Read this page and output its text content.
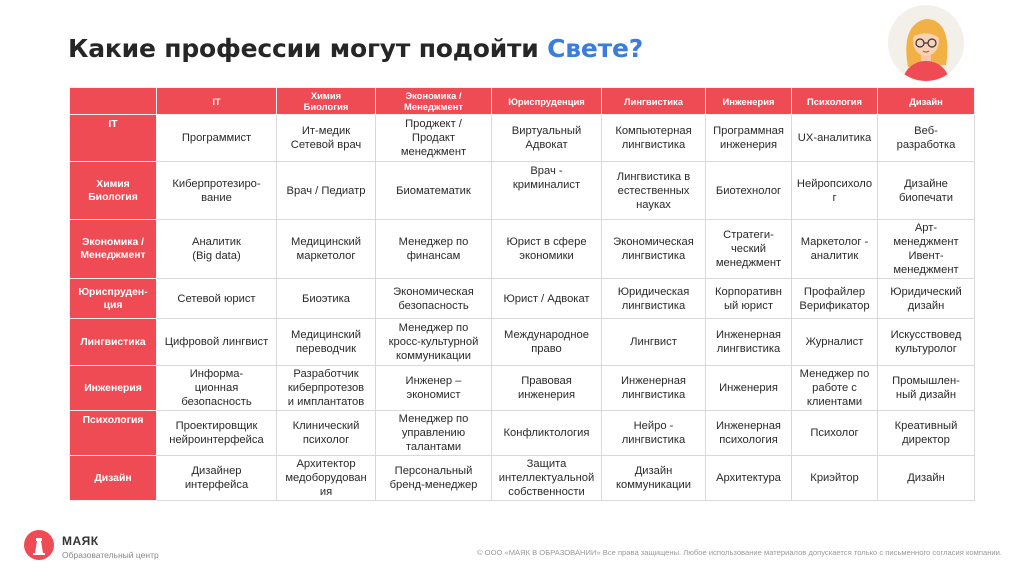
Какие профессии могут подойти Свете?
	IT	Химия
Биология	Экономика /
Менеджмент	Юриспруденция	Лингвистика	Инженерия	Психология	Дизайн
IT	Программист	Ит-медик
Сетевой врач	Проджект /
Продакт
менеджмент	Виртуальный
Адвокат	Компьютерная
лингвистика	Программная
инженерия	UX-аналитика	Веб-
разработка
Химия
Биология	Киберпротезиро-
вание	Врач / Педиатр	Биоматематик	Врач -
криминалист	Лингвистика в
естественных
науках	Биотехнолог	Нейропсихоло
г	Дизайне
биопечати
Экономика /
Менеджмент	Аналитик
(Big data)	Медицинский
маркетолог	Менеджер по
финансам	Юрист в сфере
экономики	Экономическая
лингвистика	Стратеги-
ческий
менеджмент	Маркетолог -
аналитик	Арт-
менеджмент
Ивент-
менеджмент
Юриспруден-
ция	Сетевой юрист	Биоэтика	Экономическая
безопасность	Юрист / Адвокат	Юридическая
лингвистика	Корпоративн
ый юрист	Профайлер
Верификатор	Юридический
дизайн
Лингвистика	Цифровой лингвист	Медицинский
переводчик	Менеджер по
кросс-культурной
коммуникации	Международное
право	Лингвист	Инженерная
лингвистика	Журналист	Искусствовед
культуролог
Инженерия	Информа-
ционная
безопасность	Разработчик
киберпротезов
и имплантатов	Инженер –
экономист	Правовая
инженерия	Инженерная
лингвистика	Инженерия	Менеджер по
работе с
клиентами	Промышлен-
ный дизайн
Психология	Проектировщик
нейроинтерфейса	Клинический
психолог	Менеджер по
управлению
талантами	Конфликтология	Нейро -
лингвистика	Инженерная
психология	Психолог	Креативный
директор
Дизайн	Дизайнер
интерфейса	Архитектор
медоборудован
ия	Персональный
бренд-менеджер	Защита
интеллектуальной
собственности	Дизайн
коммуникации	Архитектура	Криэйтор	Дизайн
МАЯК
Образовательный центр	© ООО «МАЯК В ОБРАЗОВАНИИ» Все права защищены. Любое использование материалов допускается только с письменного согласия компании.
